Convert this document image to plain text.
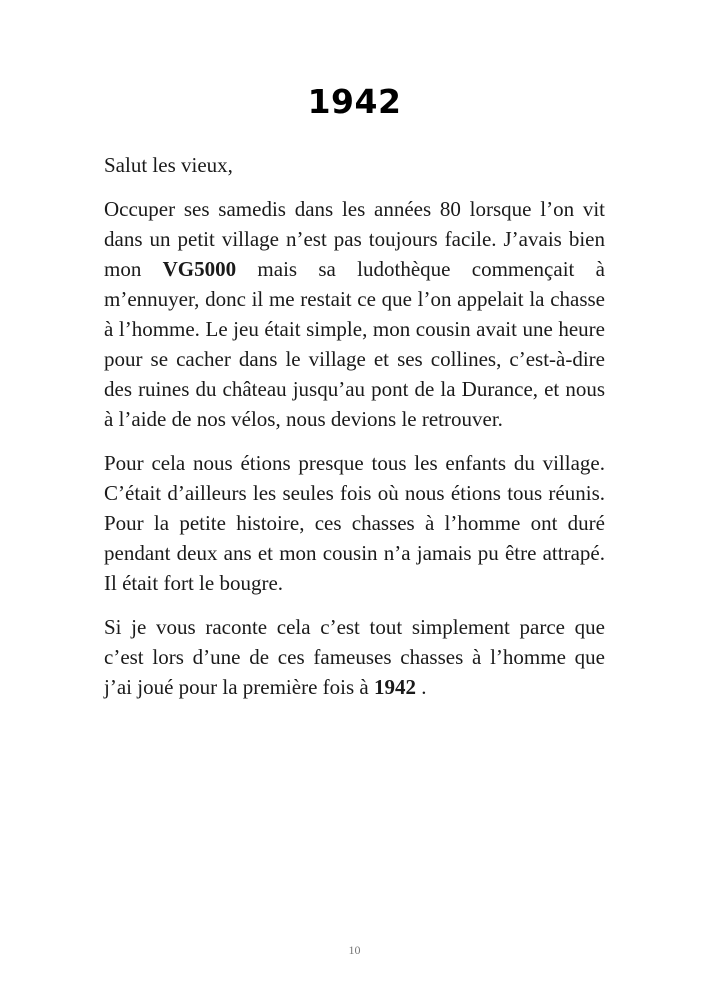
1942

Salut les vieux,

Occuper ses samedis dans les années 80 lorsque l’on vit dans un petit village n’est pas toujours facile. J’avais bien mon VG5000 mais sa ludothèque commençait à m’ennuyer, donc il me restait ce que l’on appelait la chasse à l’homme. Le jeu était simple, mon cousin avait une heure pour se cacher dans le village et ses collines, c’est-à-dire des ruines du château jusqu’au pont de la Durance, et nous à l’aide de nos vélos, nous devions le retrouver.

Pour cela nous étions presque tous les enfants du village. C’était d’ailleurs les seules fois où nous étions tous réunis. Pour la petite histoire, ces chasses à l’homme ont duré pendant deux ans et mon cousin n’a jamais pu être attrapé. Il était fort le bougre.

Si je vous raconte cela c’est tout simplement parce que c’est lors d’une de ces fameuses chasses à l’homme que j’ai joué pour la première fois à 1942 .

10
